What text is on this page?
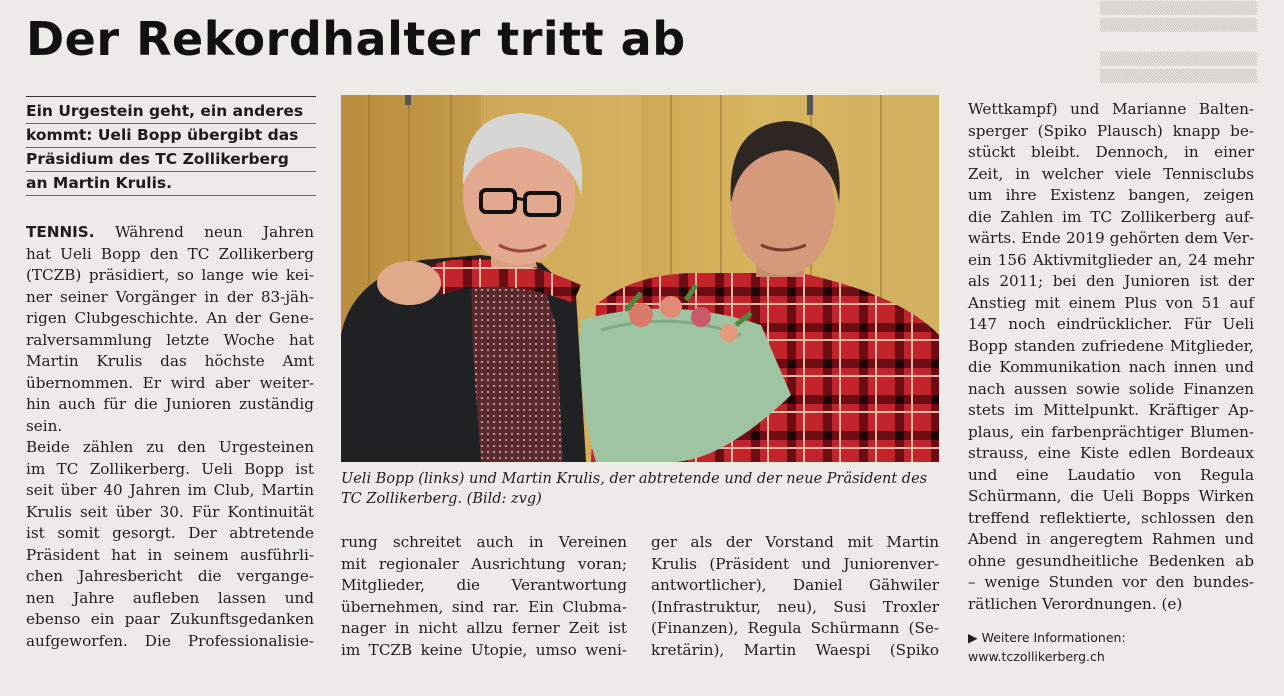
▒▒▒▒▒▒▒▒▒▒▒▒▒▒▒▒▒
▒▒▒▒▒▒▒▒▒▒▒▒▒▒▒▒▒

▒▒▒▒▒▒▒▒▒▒▒▒▒▒▒▒▒
▒▒▒▒▒▒▒▒▒▒▒▒▒▒▒▒▒
Der Rekordhalter tritt ab
Ein Urgestein geht, ein anderes
kommt: Ueli Bopp übergibt das
Präsidium des TC Zollikerberg
an Martin Krulis.
TENNIS. Während neun Jahren
hat Ueli Bopp den TC Zollikerberg
(TCZB) präsidiert, so lange wie kei-
ner seiner Vorgänger in der 83-jäh-
rigen Clubgeschichte. An der Gene-
ralversammlung letzte Woche hat
Martin Krulis das höchste Amt
übernommen. Er wird aber weiter-
hin auch für die Junioren zuständig
sein.
Beide zählen zu den Urgesteinen
im TC Zollikerberg. Ueli Bopp ist
seit über 40 Jahren im Club, Martin
Krulis seit über 30. Für Kontinuität
ist somit gesorgt. Der abtretende
Präsident hat in seinem ausführli-
chen Jahresbericht die vergange-
nen Jahre aufleben lassen und
ebenso ein paar Zukunftsgedanken
aufgeworfen. Die Professionalisie-
Ueli Bopp (links) und Martin Krulis, der abtretende und der neue Präsident des TC Zollikerberg. (Bild: zvg)
rung schreitet auch in Vereinen
mit regionaler Ausrichtung voran;
Mitglieder, die Verantwortung
übernehmen, sind rar. Ein Clubma-
nager in nicht allzu ferner Zeit ist
im TCZB keine Utopie, umso weni-
ger als der Vorstand mit Martin
Krulis (Präsident und Juniorenver-
antwortlicher), Daniel Gähwiler
(Infrastruktur, neu), Susi Troxler
(Finanzen), Regula Schürmann (Se-
kretärin), Martin Waespi (Spiko
Wettkampf) und Marianne Balten-
sperger (Spiko Plausch) knapp be-
stückt bleibt. Dennoch, in einer
Zeit, in welcher viele Tennisclubs
um ihre Existenz bangen, zeigen
die Zahlen im TC Zollikerberg auf-
wärts. Ende 2019 gehörten dem Ver-
ein 156 Aktivmitglieder an, 24 mehr
als 2011; bei den Junioren ist der
Anstieg mit einem Plus von 51 auf
147 noch eindrücklicher. Für Ueli
Bopp standen zufriedene Mitglieder,
die Kommunikation nach innen und
nach aussen sowie solide Finanzen
stets im Mittelpunkt. Kräftiger Ap-
plaus, ein farbenprächtiger Blumen-
strauss, eine Kiste edlen Bordeaux
und eine Laudatio von Regula
Schürmann, die Ueli Bopps Wirken
treffend reflektierte, schlossen den
Abend in angeregtem Rahmen und
ohne gesundheitliche Bedenken ab
– wenige Stunden vor den bundes-
rätlichen Verordnungen. (e)
▶ Weitere Informationen:
www.tczollikerberg.ch
